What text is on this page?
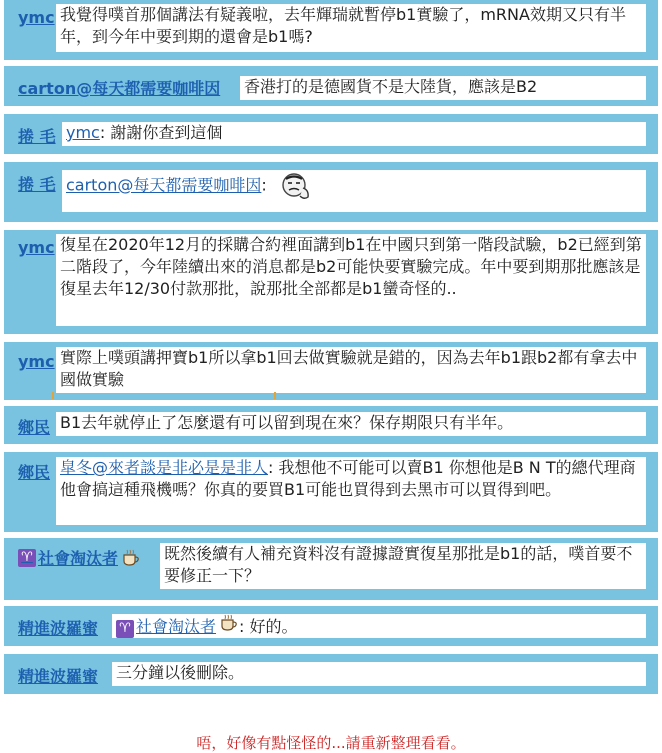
ymc 我覺得噗首那個講法有疑義啦，去年輝瑞就暫停b1實驗了，mRNA效期又只有半年，到今年中要到期的還會是b1嗎?
carton@每天都需要咖啡因 香港打的是德國貨不是大陸貨，應該是B2
捲 毛 ymc: 謝謝你查到這個
捲 毛 carton@每天都需要咖啡因:
ymc 復星在2020年12月的採購合約裡面講到b1在中國只到第一階段試驗，b2已經到第二階段了，今年陸續出來的消息都是b2可能快要實驗完成。年中要到期那批應該是復星去年12/30付款那批，說那批全部都是b1蠻奇怪的..
ymc 實際上噗頭講押寶b1所以拿b1回去做實驗就是錯的，因為去年b1跟b2都有拿去中國做實驗
鄉民 B1去年就停止了怎麼還有可以留到現在來？保存期限只有半年。
鄉民 皐冬@來者談是非必是是非人: 我想他不可能可以賣B1 你想他是B N T的總代理商他會搞這種飛機嗎？你真的要買B1可能也買得到去黑市可以買得到吧。
♈ 社會淘汰者	既然後續有人補充資料沒有證據證實復星那批是b1的話，噗首要不要修正一下？
精進波羅蜜	♈ 社會淘汰者 : 好的。
精進波羅蜜 三分鐘以後刪除。
唔，好像有點怪怪的...請重新整理看看。
